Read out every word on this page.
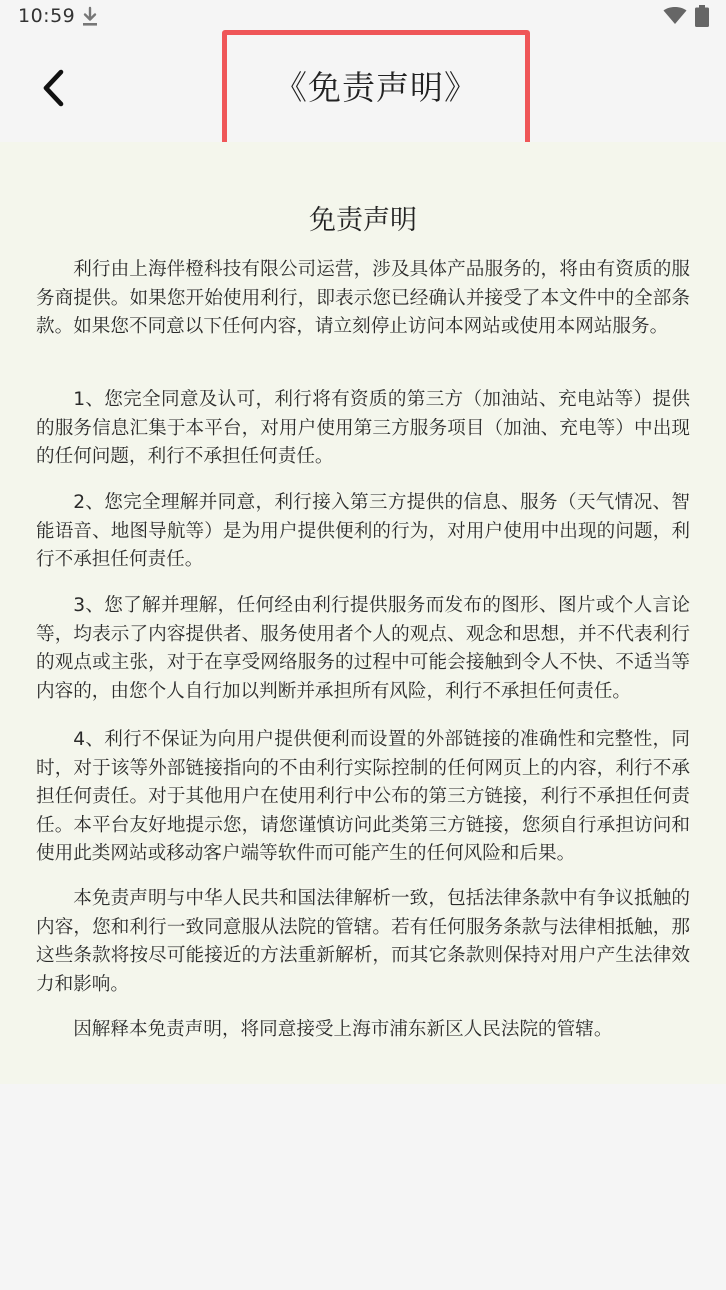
10:59
《免责声明》
免责声明

利行由上海伴橙科技有限公司运营，涉及具体产品服务的，将由有资质的服务商提供。如果您开始使用利行，即表示您已经确认并接受了本文件中的全部条款。如果您不同意以下任何内容，请立刻停止访问本网站或使用本网站服务。

1、您完全同意及认可，利行将有资质的第三方（加油站、充电站等）提供的服务信息汇集于本平台，对用户使用第三方服务项目（加油、充电等）中出现的任何问题，利行不承担任何责任。

2、您完全理解并同意，利行接入第三方提供的信息、服务（天气情况、智能语音、地图导航等）是为用户提供便利的行为，对用户使用中出现的问题，利行不承担任何责任。

3、您了解并理解，任何经由利行提供服务而发布的图形、图片或个人言论等，均表示了内容提供者、服务使用者个人的观点、观念和思想，并不代表利行的观点或主张，对于在享受网络服务的过程中可能会接触到令人不快、不适当等内容的，由您个人自行加以判断并承担所有风险，利行不承担任何责任。

4、利行不保证为向用户提供便利而设置的外部链接的准确性和完整性，同时，对于该等外部链接指向的不由利行实际控制的任何网页上的内容，利行不承担任何责任。对于其他用户在使用利行中公布的第三方链接，利行不承担任何责任。本平台友好地提示您，请您谨慎访问此类第三方链接，您须自行承担访问和使用此类网站或移动客户端等软件而可能产生的任何风险和后果。

本免责声明与中华人民共和国法律解析一致，包括法律条款中有争议抵触的内容，您和利行一致同意服从法院的管辖。若有任何服务条款与法律相抵触，那这些条款将按尽可能接近的方法重新解析，而其它条款则保持对用户产生法律效力和影响。

因解释本免责声明，将同意接受上海市浦东新区人民法院的管辖。
